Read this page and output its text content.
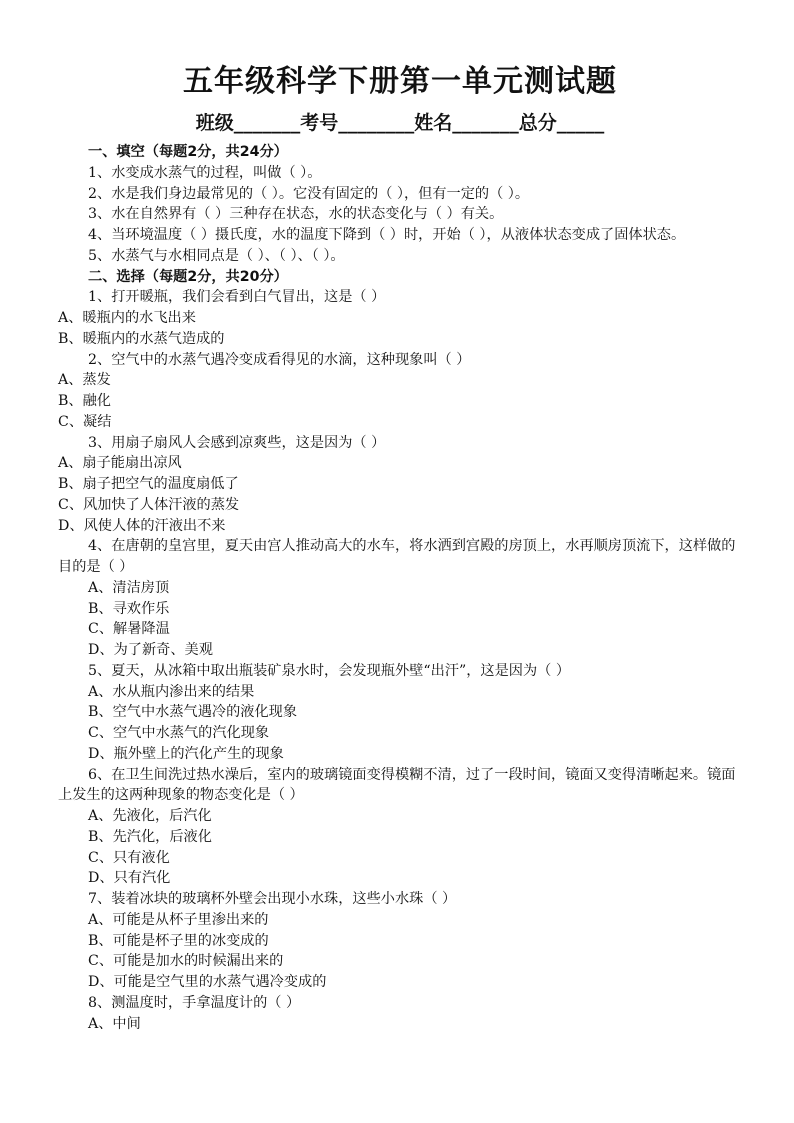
五年级科学下册第一单元测试题
班级_______考号________姓名_______总分_____
一、填空（每题2分，共24分）
1、水变成水蒸气的过程，叫做（ ）。
2、水是我们身边最常见的（ ）。它没有固定的（ ），但有一定的（ ）。
3、水在自然界有（ ）三种存在状态，水的状态变化与（ ）有关。
4、当环境温度（ ）摄氏度，水的温度下降到（ ）时，开始（ ），从液体状态变成了固体状态。
5、水蒸气与水相同点是（ ）、（ ）、（ ）。
二、选择（每题2分，共20分）
1、打开暖瓶，我们会看到白气冒出，这是（ ）
A、暖瓶内的水飞出来
B、暖瓶内的水蒸气造成的
2、空气中的水蒸气遇冷变成看得见的水滴，这种现象叫（ ）
A、蒸发
B、融化
C、凝结
3、用扇子扇风人会感到凉爽些，这是因为（ ）
A、扇子能扇出凉风
B、扇子把空气的温度扇低了
C、风加快了人体汗液的蒸发
D、风使人体的汗液出不来
4、在唐朝的皇宫里，夏天由宫人推动高大的水车，将水洒到宫殿的房顶上，水再顺房顶流下，这样做的目的是（ ）
A、清洁房顶
B、寻欢作乐
C、解暑降温
D、为了新奇、美观
5、夏天，从冰箱中取出瓶装矿泉水时，会发现瓶外壁“出汗”，这是因为（ ）
A、水从瓶内渗出来的结果
B、空气中水蒸气遇冷的液化现象
C、空气中水蒸气的汽化现象
D、瓶外壁上的汽化产生的现象
6、在卫生间洗过热水澡后，室内的玻璃镜面变得模糊不清，过了一段时间，镜面又变得清晰起来。镜面上发生的这两种现象的物态变化是（ ）
A、先液化，后汽化
B、先汽化，后液化
C、只有液化
D、只有汽化
7、装着冰块的玻璃杯外壁会出现小水珠，这些小水珠（ ）
A、可能是从杯子里渗出来的
B、可能是杯子里的冰变成的
C、可能是加水的时候漏出来的
D、可能是空气里的水蒸气遇冷变成的
8、测温度时，手拿温度计的（ ）
A、中间
